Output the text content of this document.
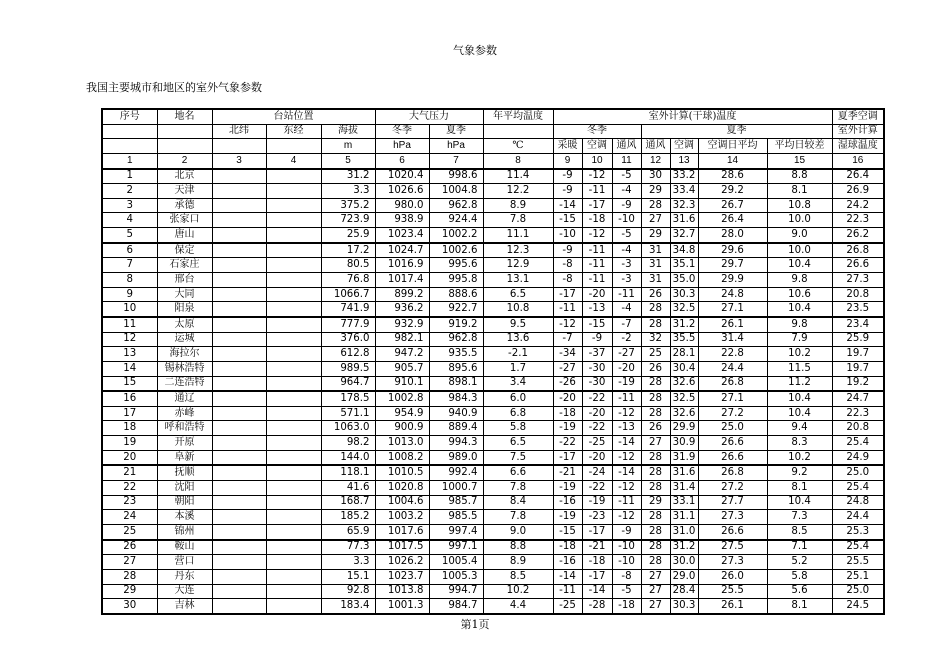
气象参数
我国主要城市和地区的室外气象参数
序号	地名	台站位置			大气压力		年平均温度	室外计算(干球)温度							夏季空调
		北纬	东经	海拔	冬季	夏季		冬季			夏季				室外计算
				m	hPa	hPa	℃	采暖	空调	通风	通风	空调	空调日平均	平均日较差	湿球温度
1	2	3	4	5	6	7	8	9	10	11	12	13	14	15	16
1	北京			31.2	1020.4	998.6	11.4	-9	-12	-5	30	33.2	28.6	8.8	26.4
2	天津			3.3	1026.6	1004.8	12.2	-9	-11	-4	29	33.4	29.2	8.1	26.9
3	承德			375.2	980.0	962.8	8.9	-14	-17	-9	28	32.3	26.7	10.8	24.2
4	张家口			723.9	938.9	924.4	7.8	-15	-18	-10	27	31.6	26.4	10.0	22.3
5	唐山			25.9	1023.4	1002.2	11.1	-10	-12	-5	29	32.7	28.0	9.0	26.2
6	保定			17.2	1024.7	1002.6	12.3	-9	-11	-4	31	34.8	29.6	10.0	26.8
7	石家庄			80.5	1016.9	995.6	12.9	-8	-11	-3	31	35.1	29.7	10.4	26.6
8	邢台			76.8	1017.4	995.8	13.1	-8	-11	-3	31	35.0	29.9	9.8	27.3
9	大同			1066.7	899.2	888.6	6.5	-17	-20	-11	26	30.3	24.8	10.6	20.8
10	阳泉			741.9	936.2	922.7	10.8	-11	-13	-4	28	32.5	27.1	10.4	23.5
11	太原			777.9	932.9	919.2	9.5	-12	-15	-7	28	31.2	26.1	9.8	23.4
12	运城			376.0	982.1	962.8	13.6	-7	-9	-2	32	35.5	31.4	7.9	25.9
13	海拉尔			612.8	947.2	935.5	-2.1	-34	-37	-27	25	28.1	22.8	10.2	19.7
14	锡林浩特			989.5	905.7	895.6	1.7	-27	-30	-20	26	30.4	24.4	11.5	19.7
15	二连浩特			964.7	910.1	898.1	3.4	-26	-30	-19	28	32.6	26.8	11.2	19.2
16	通辽			178.5	1002.8	984.3	6.0	-20	-22	-11	28	32.5	27.1	10.4	24.7
17	赤峰			571.1	954.9	940.9	6.8	-18	-20	-12	28	32.6	27.2	10.4	22.3
18	呼和浩特			1063.0	900.9	889.4	5.8	-19	-22	-13	26	29.9	25.0	9.4	20.8
19	开原			98.2	1013.0	994.3	6.5	-22	-25	-14	27	30.9	26.6	8.3	25.4
20	阜新			144.0	1008.2	989.0	7.5	-17	-20	-12	28	31.9	26.6	10.2	24.9
21	抚顺			118.1	1010.5	992.4	6.6	-21	-24	-14	28	31.6	26.8	9.2	25.0
22	沈阳			41.6	1020.8	1000.7	7.8	-19	-22	-12	28	31.4	27.2	8.1	25.4
23	朝阳			168.7	1004.6	985.7	8.4	-16	-19	-11	29	33.1	27.7	10.4	24.8
24	本溪			185.2	1003.2	985.5	7.8	-19	-23	-12	28	31.1	27.3	7.3	24.4
25	锦州			65.9	1017.6	997.4	9.0	-15	-17	-9	28	31.0	26.6	8.5	25.3
26	鞍山			77.3	1017.5	997.1	8.8	-18	-21	-10	28	31.2	27.5	7.1	25.4
27	营口			3.3	1026.2	1005.4	8.9	-16	-18	-10	28	30.0	27.3	5.2	25.5
28	丹东			15.1	1023.7	1005.3	8.5	-14	-17	-8	27	29.0	26.0	5.8	25.1
29	大连			92.8	1013.8	994.7	10.2	-11	-14	-5	27	28.4	25.5	5.6	25.0
30	吉林			183.4	1001.3	984.7	4.4	-25	-28	-18	27	30.3	26.1	8.1	24.5
第1页
